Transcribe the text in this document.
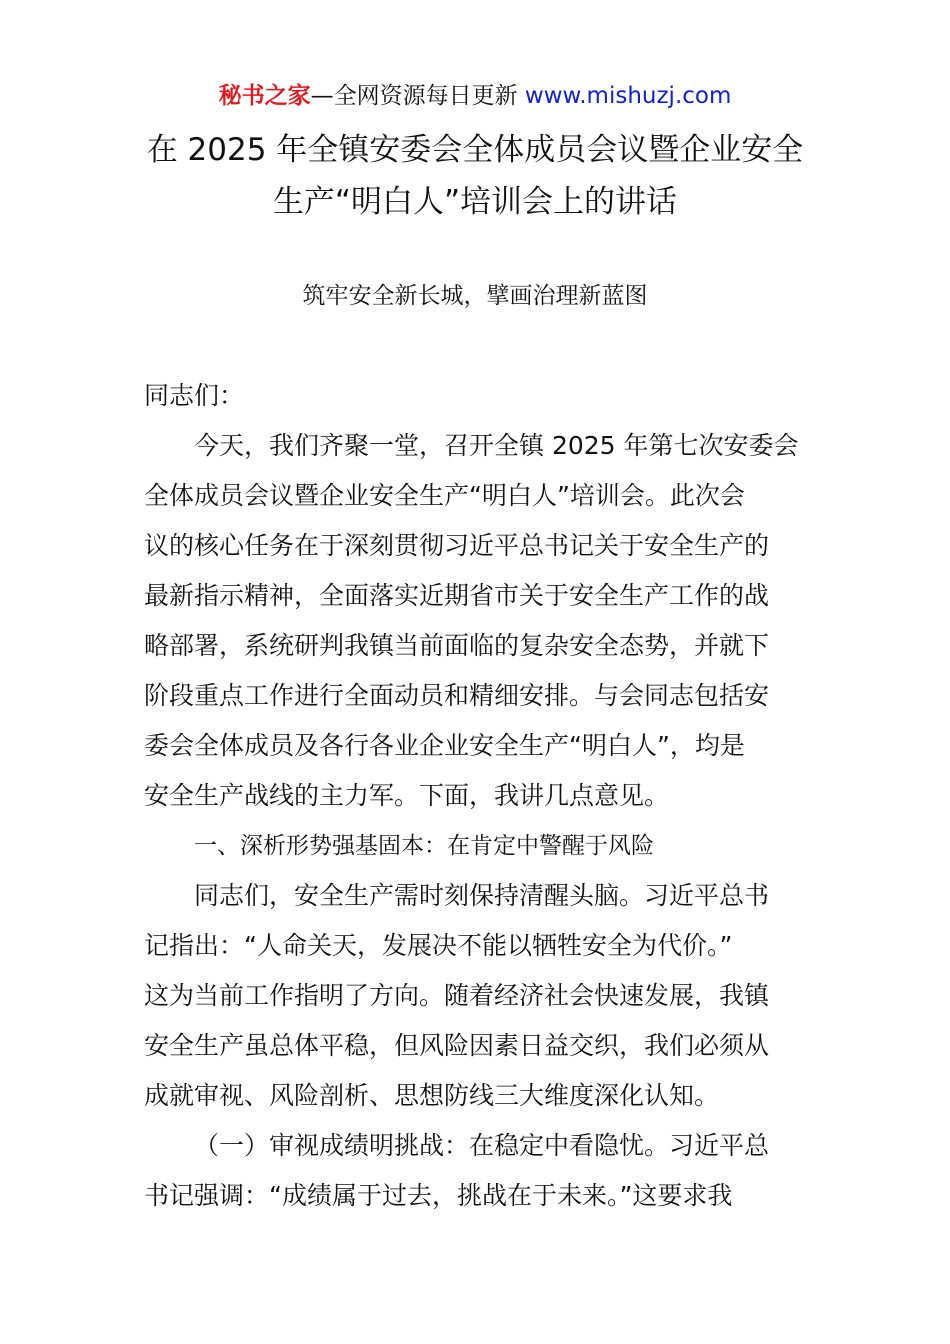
秘书之家—全网资源每日更新 www.mishuzj.com
在 2025 年全镇安委会全体成员会议暨企业安全
生产“明白人”培训会上的讲话
筑牢安全新长城，擘画治理新蓝图
同志们：
今天，我们齐聚一堂，召开全镇 2025 年第七次安委会
全体成员会议暨企业安全生产“明白人”培训会。此次会
议的核心任务在于深刻贯彻习近平总书记关于安全生产的
最新指示精神，全面落实近期省市关于安全生产工作的战
略部署，系统研判我镇当前面临的复杂安全态势，并就下
阶段重点工作进行全面动员和精细安排。与会同志包括安
委会全体成员及各行各业企业安全生产“明白人”，均是
安全生产战线的主力军。下面，我讲几点意见。
一、深析形势强基固本：在肯定中警醒于风险
同志们，安全生产需时刻保持清醒头脑。习近平总书
记指出：“人命关天，发展决不能以牺牲安全为代价。”
这为当前工作指明了方向。随着经济社会快速发展，我镇
安全生产虽总体平稳，但风险因素日益交织，我们必须从
成就审视、风险剖析、思想防线三大维度深化认知。
（一）审视成绩明挑战：在稳定中看隐忧。习近平总
书记强调：“成绩属于过去，挑战在于未来。”这要求我
